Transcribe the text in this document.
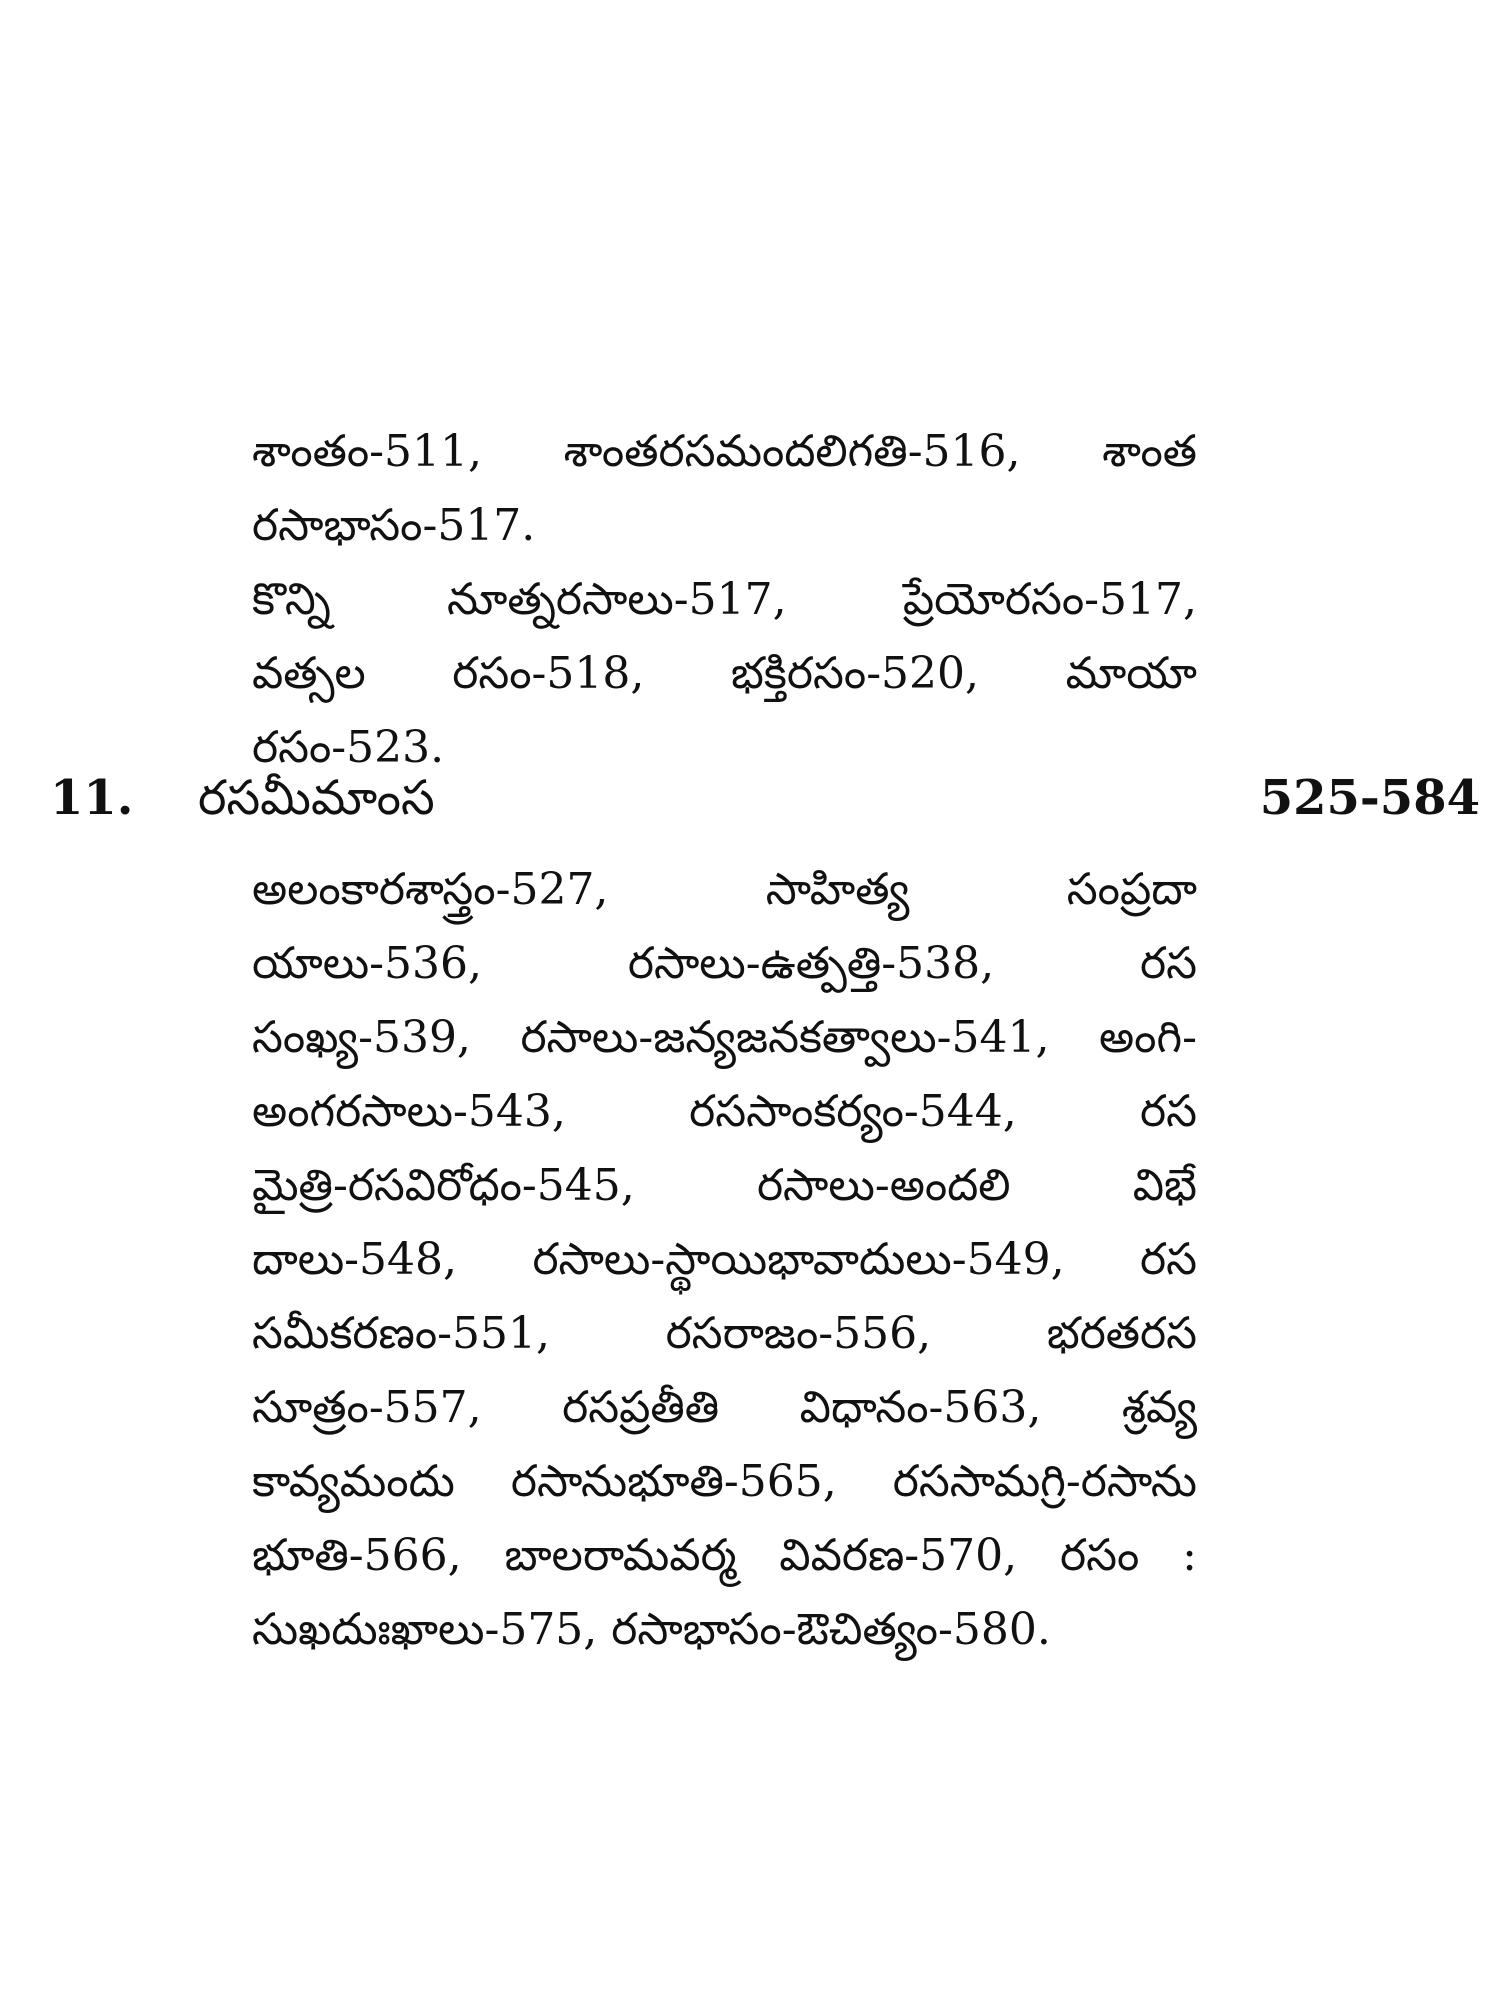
శాంతం-511, శాంతరసమందలిగతి-516, శాంత
రసాభాసం-517.
కొన్ని నూత్నరసాలు-517, ప్రేయోరసం-517,
వత్సల రసం-518, భక్తిరసం-520, మాయా
రసం-523.
11. రసమీమాంస	525-584
అలంకారశాస్త్రం-527, సాహిత్య సంప్రదా
యాలు-536, రసాలు-ఉత్పత్తి-538, రస
సంఖ్య-539, రసాలు-జన్యజనకత్వాలు-541, అంగి-
అంగరసాలు-543, రససాంకర్యం-544, రస
మైత్రి-రసవిరోధం-545, రసాలు-అందలి విభే
దాలు-548, రసాలు-స్థాయిభావాదులు-549, రస
సమీకరణం-551, రసరాజం-556, భరతరస
సూత్రం-557, రసప్రతీతి విధానం-563, శ్రవ్య
కావ్యమందు రసానుభూతి-565, రససామగ్రి-రసాను
భూతి-566, బాలరామవర్మ వివరణ-570, రసం :
సుఖదుఃఖాలు-575, రసాభాసం-ఔచిత్యం-580.
